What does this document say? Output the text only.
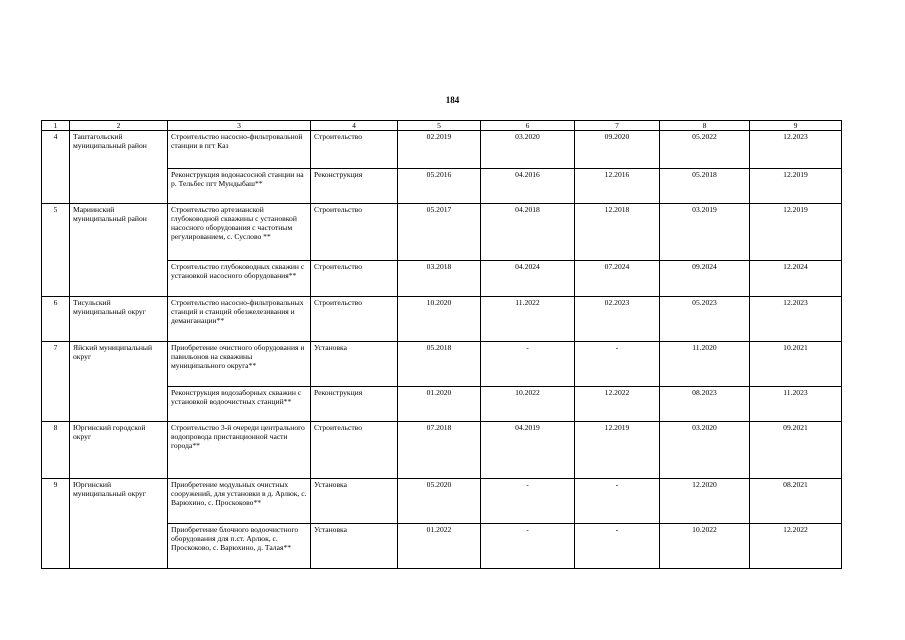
184
1	2	3	4	5	6	7	8	9
4	Таштагольский муниципальный район	Строительство насосно-фильтровальной станции в пгт Каз	Строительство	02.2019	03.2020	09.2020	05.2022	12.2023
		Реконструкция водонасосной станции на р. Тельбес пгт Мундыбаш**	Реконструкция	05.2016	04.2016	12.2016	05.2018	12.2019
5	Мариинский муниципальный район	Строительство артезианской глубоководной скважины с установкой насосного оборудования с частотным регулированием, с. Суслово **	Строительство	05.2017	04.2018	12.2018	03.2019	12.2019
		Строительство глубоководных скважин с установкой насосного оборудования**	Строительство	03.2018	04.2024	07.2024	09.2024	12.2024
6	Тисульский муниципальный округ	Строительство насосно-фильтровальных станций и станций обезжелезивания и деманганации**	Строительство	10.2020	11.2022	02.2023	05.2023	12.2023
7	Яйский муниципальный округ	Приобретение очистного оборудования и павильонов на скважины муниципального округа**	Установка	05.2018	-	-	11.2020	10.2021
		Реконструкция водозаборных скважин с установкой водоочистных станций**	Реконструкция	01.2020	10.2022	12.2022	08.2023	11.2023
8	Юргинский городской округ	Строительство 3-й очереди центрального водопровода пристанционной части города**	Строительство	07.2018	04.2019	12.2019	03.2020	09.2021
9	Юргинский муниципальный округ	Приобретение модульных очистных сооружений, для установки в д. Арлюк, с. Варюхино, с. Проскоково**	Установка	05.2020	-	-	12.2020	08.2021
		Приобретение блочного водоочистного оборудования для п.ст. Арлюк, с. Проскоково, с. Варюхино, д. Талая**	Установка	01.2022	-	-	10.2022	12.2022
